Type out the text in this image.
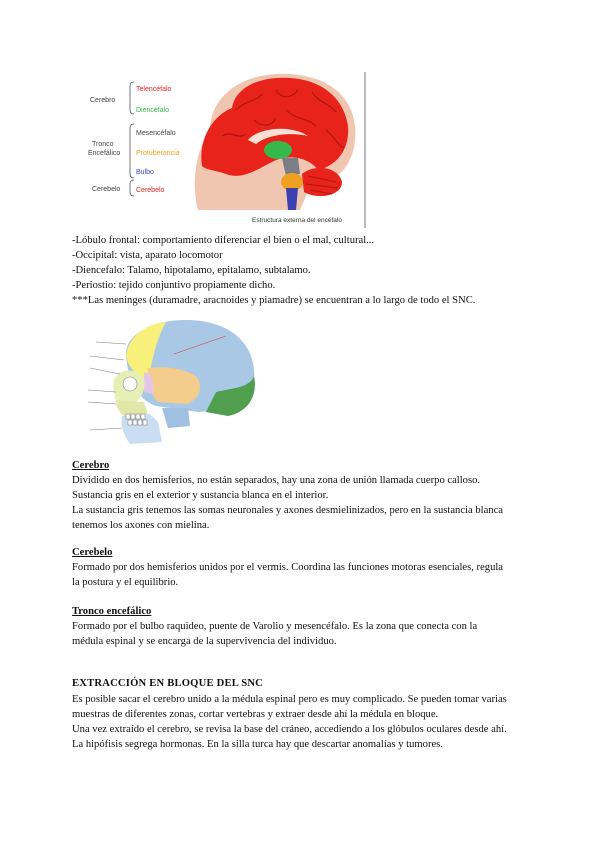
Cerebro
Tronco
Encefálico
Cerebelo
Telencéfalo
Diencéfalo
Mesencéfalo
Protuberancia
Bulbo
Cerebelo
Estructura externa del encéfalo
-Lóbulo frontal: comportamiento diferenciar el bien o el mal, cultural...
-Occipital: vista, aparato locomotor
-Diencefalo: Talamo, hipotalamo, epitalamo, subtalamo.
-Periostio: tejido conjuntivo propiamente dicho.
***Las meninges (duramadre, aracnoides y piamadre) se encuentran a lo largo de todo el SNC.
Cerebro
Dividido en dos hemisferios, no están separados, hay una zona de unión llamada cuerpo calloso.
Sustancia gris en el exterior y sustancia blanca en el interior.
La sustancia gris tenemos las somas neuronales y axones desmielinizados, pero en la sustancia blanca
tenemos los axones con mielina.
Cerebelo
Formado por dos hemisferios unidos por el vermis. Coordina las funciones motoras esenciales, regula
la postura y el equilibrio.
Tronco encefálico
Formado por el bulbo raquideo, puente de Varolio y mesencéfalo. Es la zona que conecta con la
médula espinal y se encarga de la supervivencia del individuo.
EXTRACCIÓN EN BLOQUE DEL SNC
Es posible sacar el cerebro unido a la médula espinal pero es muy complicado. Se pueden tomar varias
muestras de diferentes zonas, cortar vertebras y extraer desde ahí la médula en bloque.
Una vez extraído el cerebro, se revisa la base del cráneo, accediendo a los glóbulos oculares desde ahí.
La hipófisis segrega hormonas. En la silla turca hay que descartar anomalías y tumores.
